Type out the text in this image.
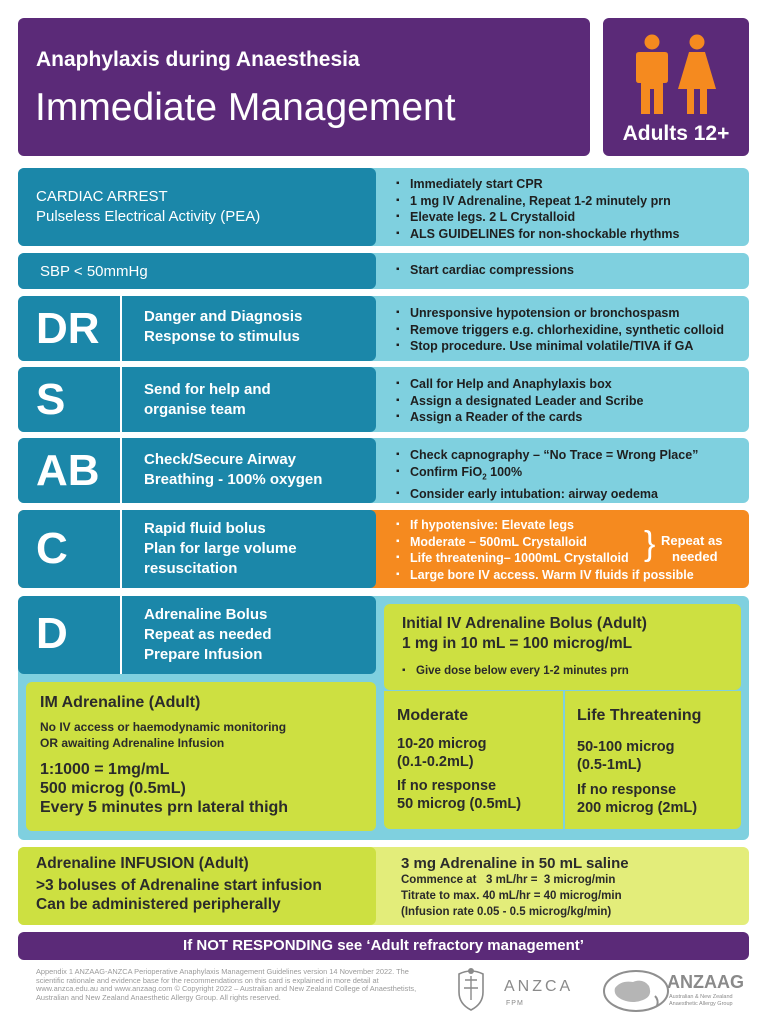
Anaphylaxis during Anaesthesia
Immediate Management
Adults 12+
CARDIAC ARREST
Pulseless Electrical Activity (PEA)
▪ Immediately start CPR
▪ 1 mg IV Adrenaline, Repeat 1-2 minutely prn
▪ Elevate legs. 2 L Crystalloid
▪ ALS GUIDELINES for non-shockable rhythms
SBP < 50mmHg
▪	Start cardiac compressions
DR	Danger and Diagnosis
Response to stimulus
▪ Unresponsive hypotension or bronchospasm
▪ Remove triggers e.g. chlorhexidine, synthetic colloid
▪ Stop procedure. Use minimal volatile/TIVA if GA
S	Send for help and
organise team
▪ Call for Help and Anaphylaxis box
▪ Assign a designated Leader and Scribe
▪ Assign a Reader of the cards
AB	Check/Secure Airway
Breathing - 100% oxygen
▪ Check capnography – “No Trace = Wrong Place”
▪ Confirm FiO$_2$ 100%
▪ Consider early intubation: airway oedema
C	Rapid fluid bolus
Plan for large volume
resuscitation
▪ If hypotensive: Elevate legs
▪ Moderate – 500mL Crystalloid
▪ Life threatening– 1000mL Crystalloid
▪ Large bore IV access. Warm IV fluids if possible
} Repeat as
needed
D	Adrenaline Bolus
Repeat as needed
Prepare Infusion
Initial IV Adrenaline Bolus (Adult)
1 mg in 10 mL = 100 microg/mL
▪ Give dose below every 1-2 minutes prn
Moderate
10-20 microg
(0.1-0.2mL)
If no response
50 microg (0.5mL)
Life Threatening
50-100 microg
(0.5-1mL)
If no response
200 microg (2mL)
IM Adrenaline (Adult)
No IV access or haemodynamic monitoring
OR awaiting Adrenaline Infusion
1:1000 = 1mg/mL
500 microg (0.5mL)
Every 5 minutes prn lateral thigh
Adrenaline INFUSION (Adult)
>3 boluses of Adrenaline start infusion
Can be administered peripherally
3 mg Adrenaline in 50 mL saline
Commence at   3 mL/hr =  3 microg/min
Titrate to max. 40 mL/hr = 40 microg/min
(Infusion rate 0.05 - 0.5 microg/kg/min)
If NOT RESPONDING see ‘Adult refractory management’
Appendix 1 ANZAAG-ANZCA Perioperative Anaphylaxis Management Guidelines version 14 November 2022. The scientific rationale and evidence base for the recommendations on this card is explained in more detail at www.anzca.edu.au and www.anzaag.com © Copyright 2022 – Australian and New Zealand College of Anaesthetists, Australian and New Zealand Anaesthetic Allergy Group. All rights reserved.
ANZCA
FPM
ANZAAG
Australian & New Zealand
Anaesthetic Allergy Group
